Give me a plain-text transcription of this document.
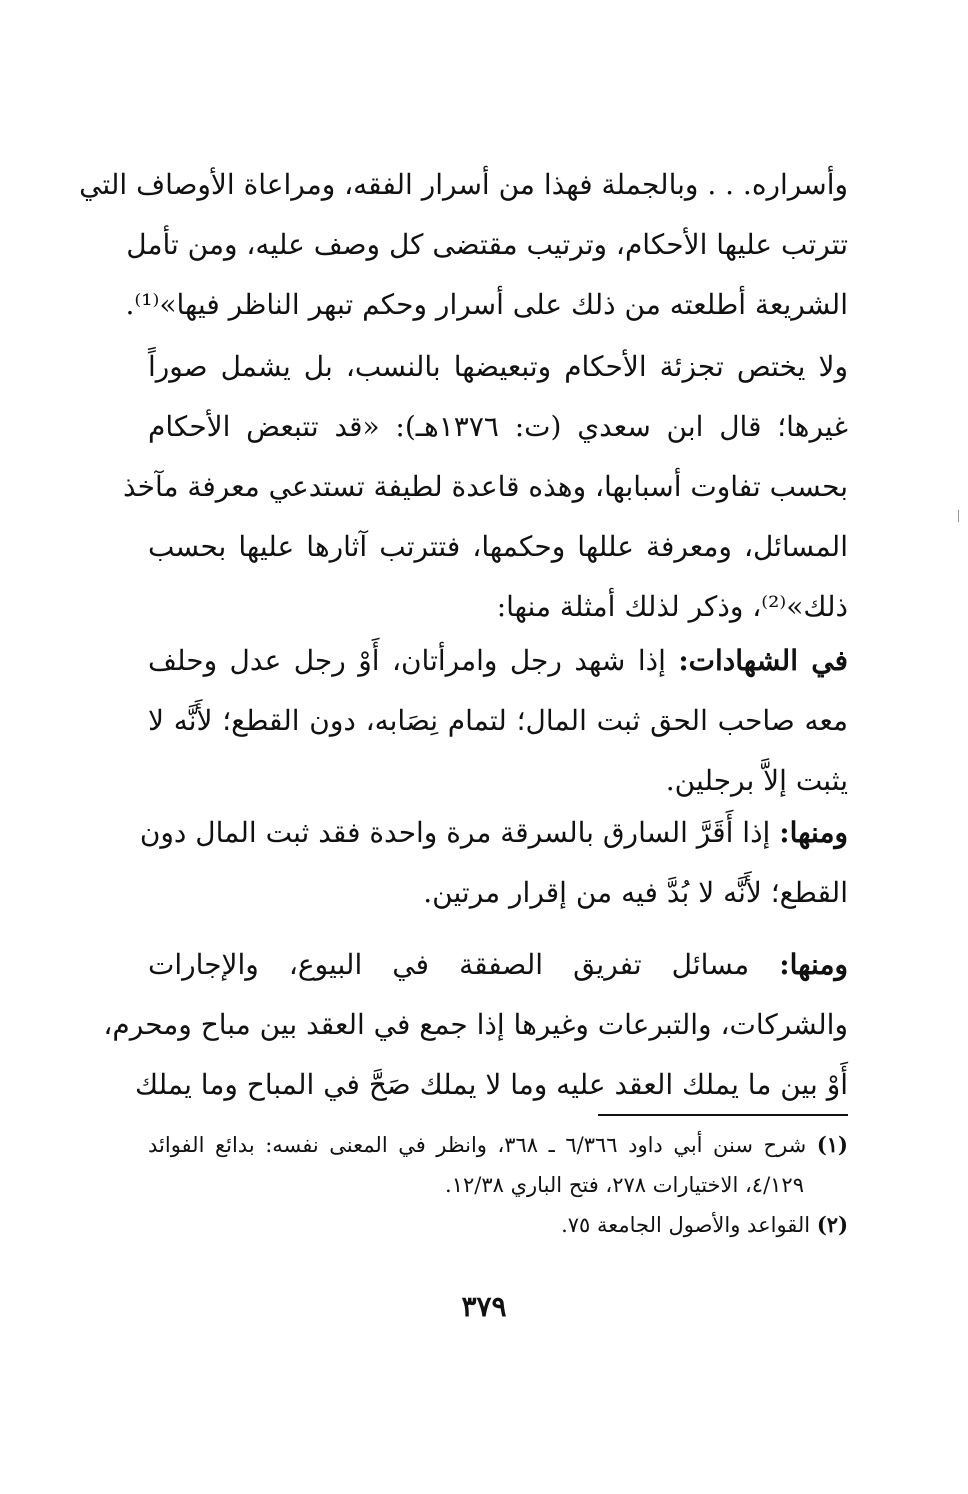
وأسراره. . . وبالجملة فهذا من أسرار الفقه، ومراعاة الأوصاف التي
تترتب عليها الأحكام، وترتيب مقتضى كل وصف عليه، ومن تأمل
الشريعة أطلعته من ذلك على أسرار وحكم تبهر الناظر فيها»⁽¹⁾.
ولا يختص تجزئة الأحكام وتبعيضها بالنسب، بل يشمل صوراً
غيرها؛ قال ابن سعدي (ت: ١٣٧٦هـ): «قد تتبعض الأحكام
بحسب تفاوت أسبابها، وهذه قاعدة لطيفة تستدعي معرفة مآخذ
المسائل، ومعرفة عللها وحكمها، فتترتب آثارها عليها بحسب
ذلك»⁽²⁾، وذكر لذلك أمثلة منها:
في الشهادات: إذا شهد رجل وامرأتان، أَوْ رجل عدل وحلف
معه صاحب الحق ثبت المال؛ لتمام نِصَابه، دون القطع؛ لأَنَّه لا
يثبت إلاَّ برجلين.
ومنها: إذا أَقَرَّ السارق بالسرقة مرة واحدة فقد ثبت المال دون
القطع؛ لأَنَّه لا بُدَّ فيه من إقرار مرتين.
ومنها: مسائل تفريق الصفقة في البيوع، والإجارات
والشركات، والتبرعات وغيرها إذا جمع في العقد بين مباح ومحرم،
أَوْ بين ما يملك العقد عليه وما لا يملك صَحَّ في المباح وما يملك
(١) شرح سنن أبي داود ٦/٣٦٦ ـ ٣٦٨، وانظر في المعنى نفسه: بدائع الفوائد
٤/١٢٩، الاختيارات ٢٧٨، فتح الباري ١٢/٣٨.
(٢) القواعد والأصول الجامعة ٧٥.
٣٧٩
